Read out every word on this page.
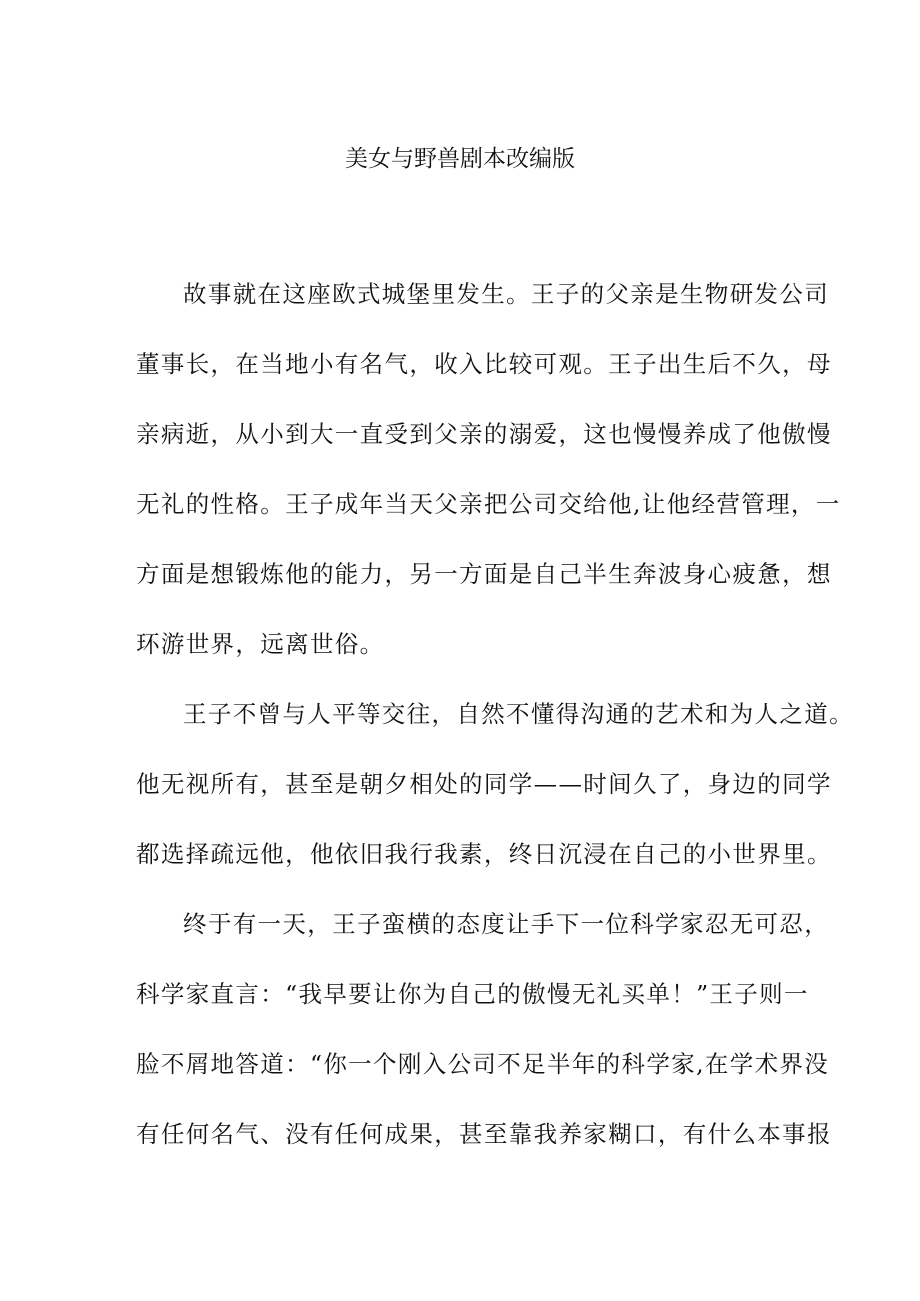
美女与野兽剧本改编版

故事就在这座欧式城堡里发生。王子的父亲是生物研发公司

董事长，在当地小有名气，收入比较可观。王子出生后不久，母

亲病逝，从小到大一直受到父亲的溺爱，这也慢慢养成了他傲慢

无礼的性格。王子成年当天父亲把公司交给他,让他经营管理，一

方面是想锻炼他的能力，另一方面是自己半生奔波身心疲惫，想

环游世界，远离世俗。

王子不曾与人平等交往，自然不懂得沟通的艺术和为人之道。

他无视所有，甚至是朝夕相处的同学——时间久了，身边的同学

都选择疏远他，他依旧我行我素，终日沉浸在自己的小世界里。

终于有一天，王子蛮横的态度让手下一位科学家忍无可忍，

科学家直言：“我早要让你为自己的傲慢无礼买单！”王子则一

脸不屑地答道：“你一个刚入公司不足半年的科学家,在学术界没

有任何名气、没有任何成果，甚至靠我养家糊口，有什么本事报
